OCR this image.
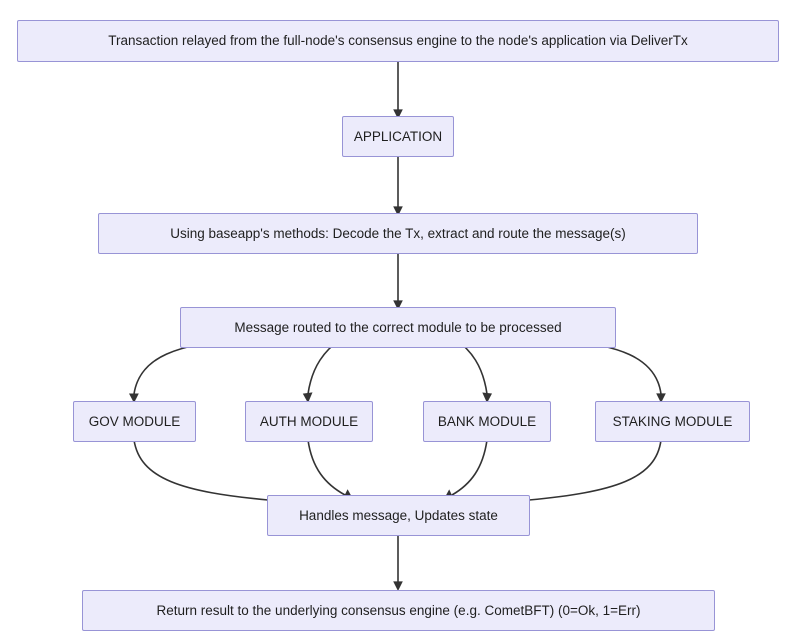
Transaction relayed from the full-node's consensus engine to the node's application via DeliverTx
APPLICATION
Using baseapp's methods: Decode the Tx, extract and route the message(s)
Message routed to the correct module to be processed
GOV MODULE	AUTH MODULE	BANK MODULE	STAKING MODULE
Handles message, Updates state
Return result to the underlying consensus engine (e.g. CometBFT) (0=Ok, 1=Err)
